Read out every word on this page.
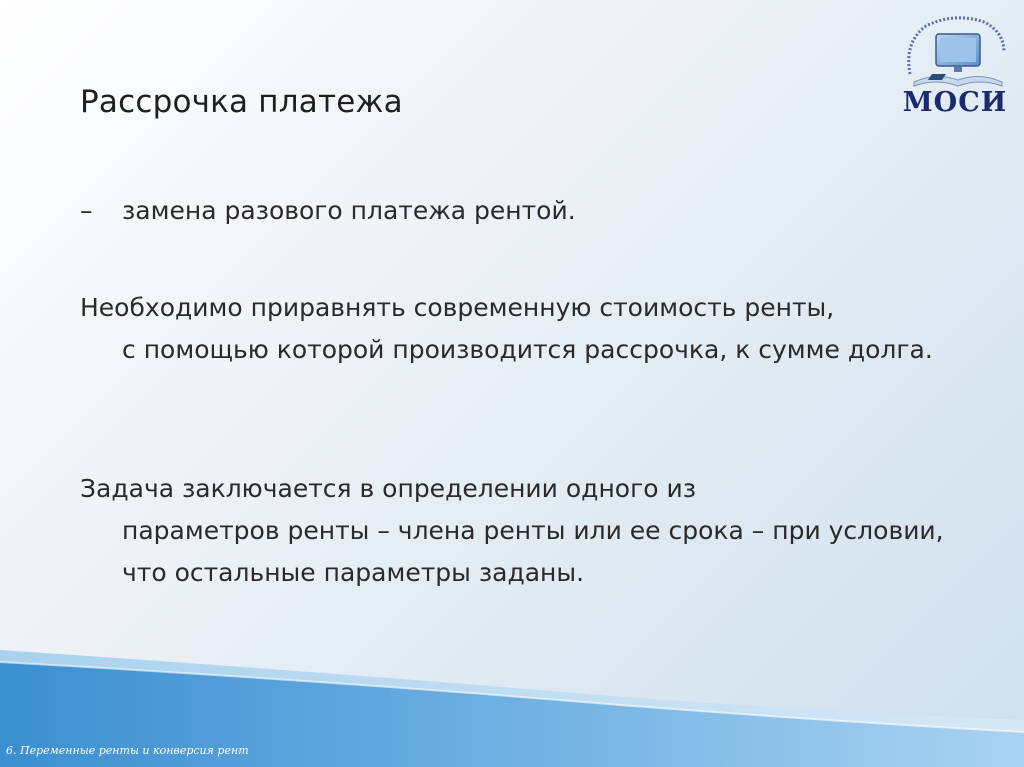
МОСИ
Рассрочка платежа
– замена разового платежа рентой.
Необходимо приравнять современную стоимость ренты,
с помощью которой производится рассрочка, к сумме долга.
Задача заключается в определении одного из
параметров ренты – члена ренты или ее срока – при условии, что остальные параметры заданы.
6. Переменные ренты и конверсия рент
